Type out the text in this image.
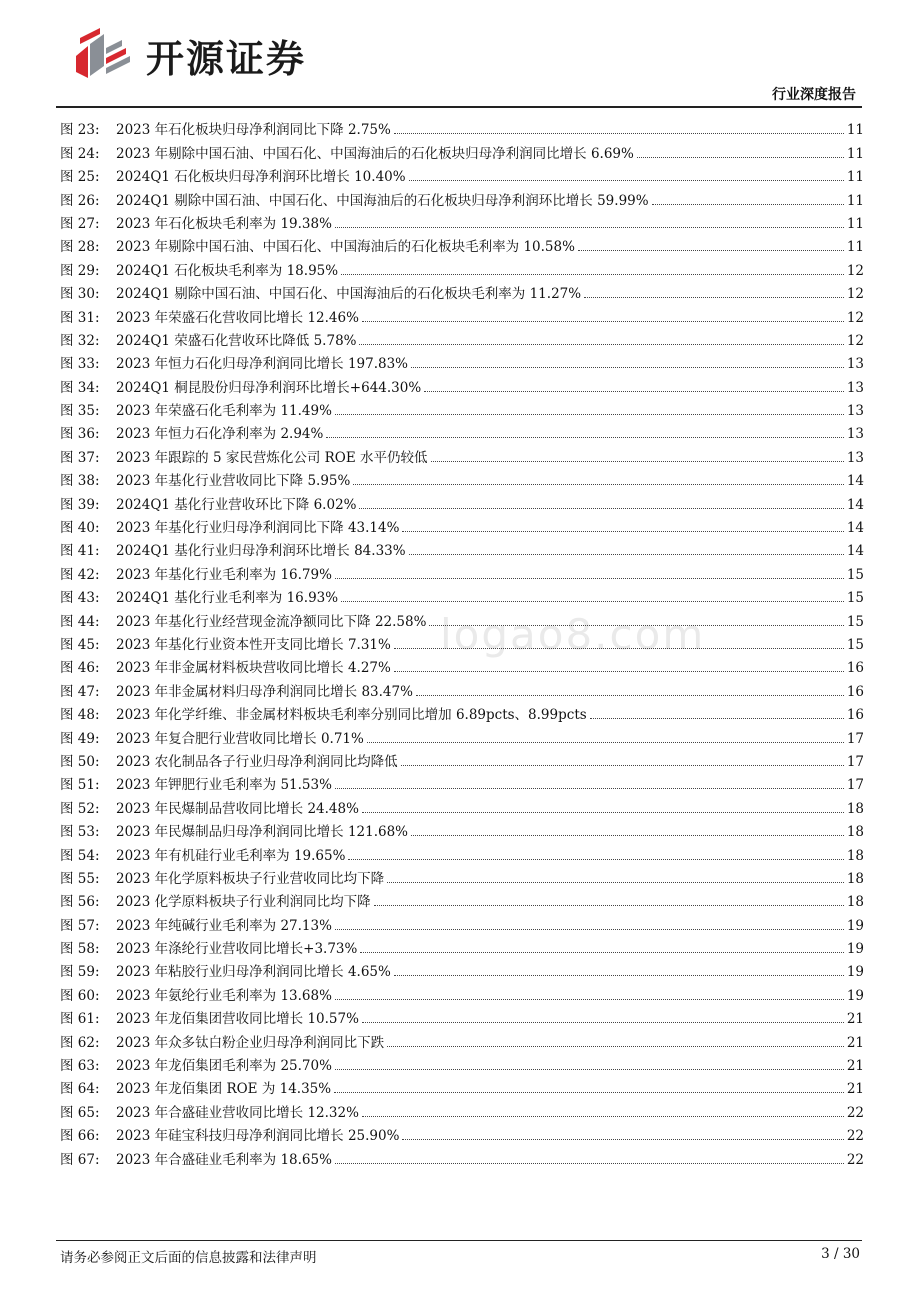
开源证券
行业深度报告
logao8.com
图 23:	2023 年石化板块归母净利润同比下降 2.75%	11
图 24:	2023 年剔除中国石油、中国石化、中国海油后的石化板块归母净利润同比增长 6.69%	11
图 25:	2024Q1 石化板块归母净利润环比增长 10.40%	11
图 26:	2024Q1 剔除中国石油、中国石化、中国海油后的石化板块归母净利润环比增长 59.99%	11
图 27:	2023 年石化板块毛利率为 19.38%	11
图 28:	2023 年剔除中国石油、中国石化、中国海油后的石化板块毛利率为 10.58%	11
图 29:	2024Q1 石化板块毛利率为 18.95%	12
图 30:	2024Q1 剔除中国石油、中国石化、中国海油后的石化板块毛利率为 11.27%	12
图 31:	2023 年荣盛石化营收同比增长 12.46%	12
图 32:	2024Q1 荣盛石化营收环比降低 5.78%	12
图 33:	2023 年恒力石化归母净利润同比增长 197.83%	13
图 34:	2024Q1 桐昆股份归母净利润环比增长+644.30%	13
图 35:	2023 年荣盛石化毛利率为 11.49%	13
图 36:	2023 年恒力石化净利率为 2.94%	13
图 37:	2023 年跟踪的 5 家民营炼化公司 ROE 水平仍较低	13
图 38:	2023 年基化行业营收同比下降 5.95%	14
图 39:	2024Q1 基化行业营收环比下降 6.02%	14
图 40:	2023 年基化行业归母净利润同比下降 43.14%	14
图 41:	2024Q1 基化行业归母净利润环比增长 84.33%	14
图 42:	2023 年基化行业毛利率为 16.79%	15
图 43:	2024Q1 基化行业毛利率为 16.93%	15
图 44:	2023 年基化行业经营现金流净额同比下降 22.58%	15
图 45:	2023 年基化行业资本性开支同比增长 7.31%	15
图 46:	2023 年非金属材料板块营收同比增长 4.27%	16
图 47:	2023 年非金属材料归母净利润同比增长 83.47%	16
图 48:	2023 年化学纤维、非金属材料板块毛利率分别同比增加 6.89pcts、8.99pcts	16
图 49:	2023 年复合肥行业营收同比增长 0.71%	17
图 50:	2023 农化制品各子行业归母净利润同比均降低	17
图 51:	2023 年钾肥行业毛利率为 51.53%	17
图 52:	2023 年民爆制品营收同比增长 24.48%	18
图 53:	2023 年民爆制品归母净利润同比增长 121.68%	18
图 54:	2023 年有机硅行业毛利率为 19.65%	18
图 55:	2023 年化学原料板块子行业营收同比均下降	18
图 56:	2023 化学原料板块子行业利润同比均下降	18
图 57:	2023 年纯碱行业毛利率为 27.13%	19
图 58:	2023 年涤纶行业营收同比增长+3.73%	19
图 59:	2023 年粘胶行业归母净利润同比增长 4.65%	19
图 60:	2023 年氨纶行业毛利率为 13.68%	19
图 61:	2023 年龙佰集团营收同比增长 10.57%	21
图 62:	2023 年众多钛白粉企业归母净利润同比下跌	21
图 63:	2023 年龙佰集团毛利率为 25.70%	21
图 64:	2023 年龙佰集团 ROE 为 14.35%	21
图 65:	2023 年合盛硅业营收同比增长 12.32%	22
图 66:	2023 年硅宝科技归母净利润同比增长 25.90%	22
图 67:	2023 年合盛硅业毛利率为 18.65%	22
请务必参阅正文后面的信息披露和法律声明	3 / 30
